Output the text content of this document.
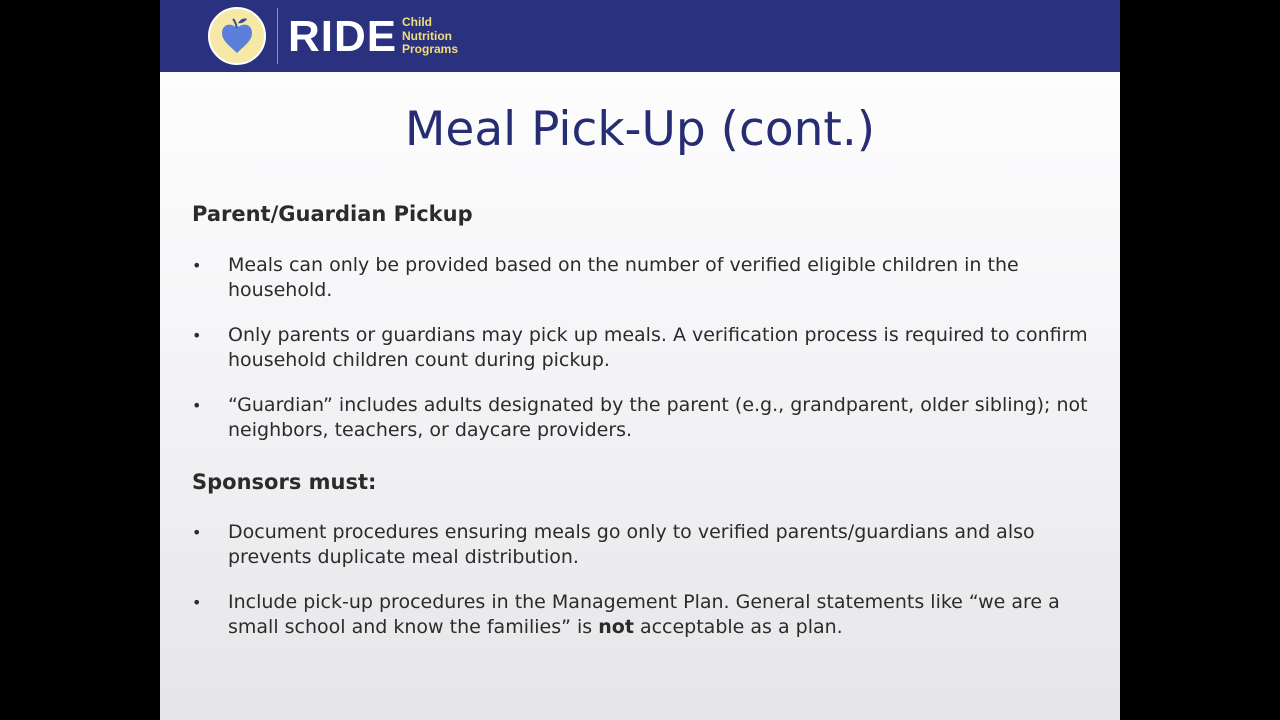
RIDE Child
Nutrition
Programs
Meal Pick-Up (cont.)
Parent/Guardian Pickup
• Meals can only be provided based on the number of verified eligible children in the household.
• Only parents or guardians may pick up meals. A verification process is required to confirm household children count during pickup.
• “Guardian” includes adults designated by the parent (e.g., grandparent, older sibling); not neighbors, teachers, or daycare providers.
Sponsors must:
• Document procedures ensuring meals go only to verified parents/guardians and also prevents duplicate meal distribution.
• Include pick-up procedures in the Management Plan. General statements like “we are a small school and know the families” is not acceptable as a plan.
